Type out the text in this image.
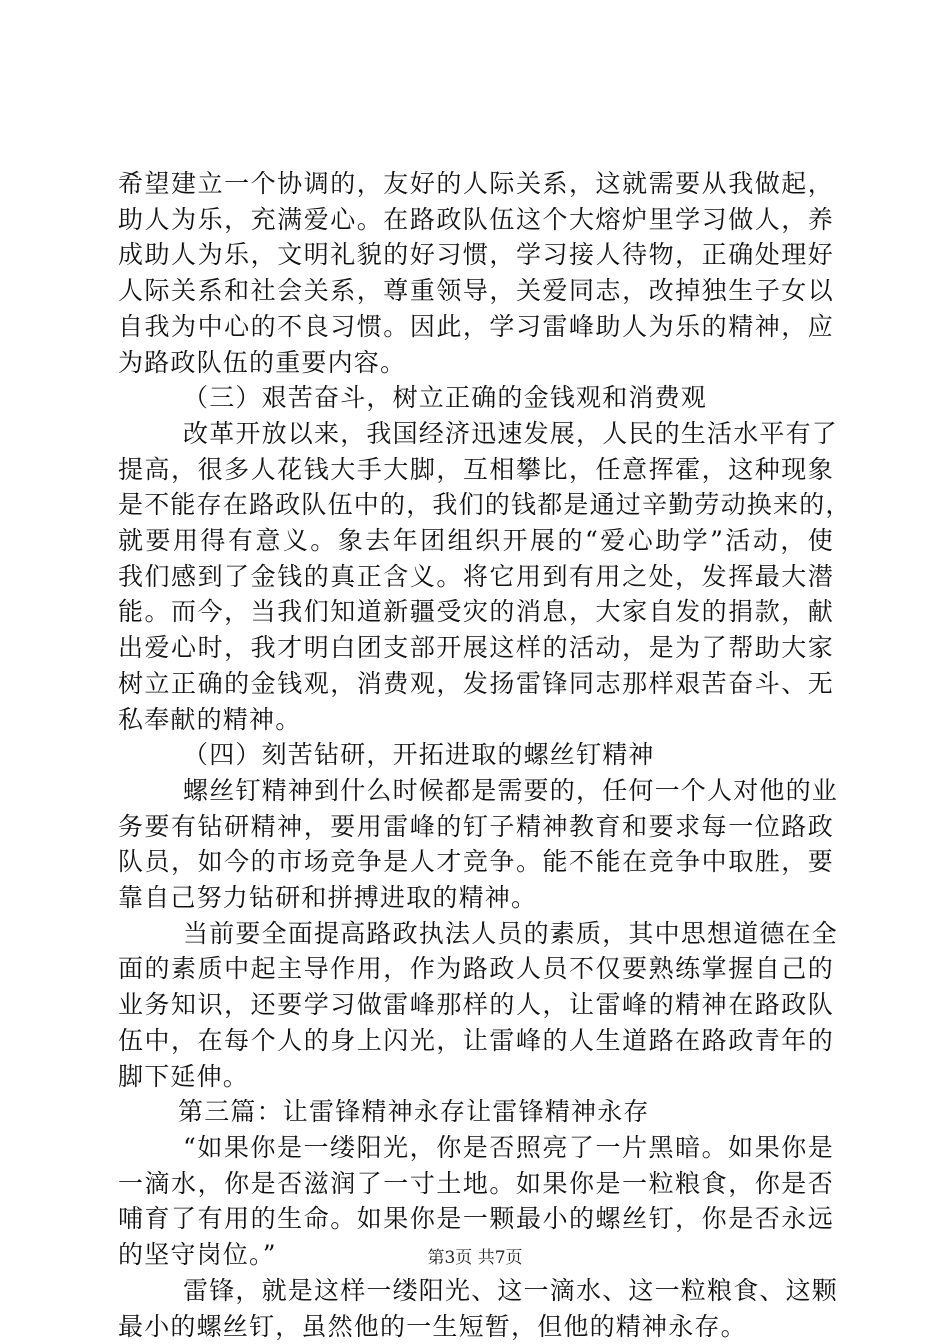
希望建立一个协调的，友好的人际关系，这就需要从我做起，
助人为乐，充满爱心。在路政队伍这个大熔炉里学习做人，养
成助人为乐，文明礼貌的好习惯，学习接人待物，正确处理好
人际关系和社会关系，尊重领导，关爱同志，改掉独生子女以
自我为中心的不良习惯。因此，学习雷峰助人为乐的精神，应
为路政队伍的重要内容。

（三）艰苦奋斗，树立正确的金钱观和消费观

改革开放以来，我国经济迅速发展，人民的生活水平有了
提高，很多人花钱大手大脚，互相攀比，任意挥霍，这种现象
是不能存在路政队伍中的，我们的钱都是通过辛勤劳动换来的，
就要用得有意义。象去年团组织开展的“爱心助学”活动，使
我们感到了金钱的真正含义。将它用到有用之处，发挥最大潜
能。而今，当我们知道新疆受灾的消息，大家自发的捐款，献
出爱心时，我才明白团支部开展这样的活动，是为了帮助大家
树立正确的金钱观，消费观，发扬雷锋同志那样艰苦奋斗、无
私奉献的精神。

（四）刻苦钻研，开拓进取的螺丝钉精神

螺丝钉精神到什么时候都是需要的，任何一个人对他的业
务要有钻研精神，要用雷峰的钉子精神教育和要求每一位路政
队员，如今的市场竞争是人才竞争。能不能在竞争中取胜，要
靠自己努力钻研和拼搏进取的精神。

当前要全面提高路政执法人员的素质，其中思想道德在全
面的素质中起主导作用，作为路政人员不仅要熟练掌握自己的
业务知识，还要学习做雷峰那样的人，让雷峰的精神在路政队
伍中，在每个人的身上闪光，让雷峰的人生道路在路政青年的
脚下延伸。

第三篇：让雷锋精神永存让雷锋精神永存

“如果你是一缕阳光，你是否照亮了一片黑暗。如果你是
一滴水，你是否滋润了一寸土地。如果你是一粒粮食，你是否
哺育了有用的生命。如果你是一颗最小的螺丝钉，你是否永远
的坚守岗位。”

雷锋，就是这样一缕阳光、这一滴水、这一粒粮食、这颗
最小的螺丝钉，虽然他的一生短暂，但他的精神永存。

第3页 共7页
